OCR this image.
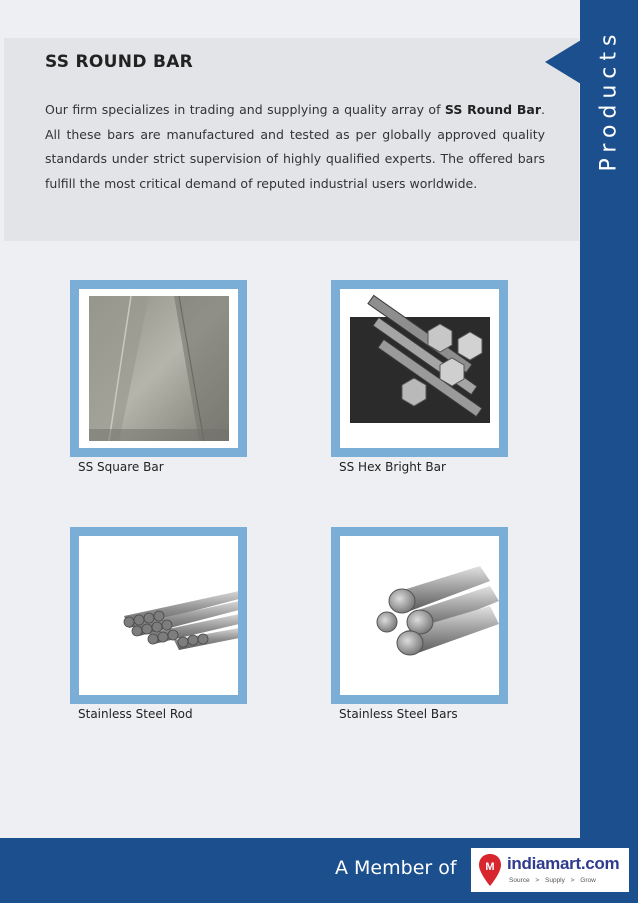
SS ROUND BAR
Our firm specializes in trading and supplying a quality array of SS Round Bar. All these bars are manufactured and tested as per globally approved quality standards under strict supervision of highly qualified experts. The offered bars fulfill the most critical demand of reputed industrial users worldwide.
Products
SS Square Bar	SS Hex Bright Bar
Stainless Steel Rod	Stainless Steel Bars
A Member of	M indiamart.com
Source > Supply > Grow
